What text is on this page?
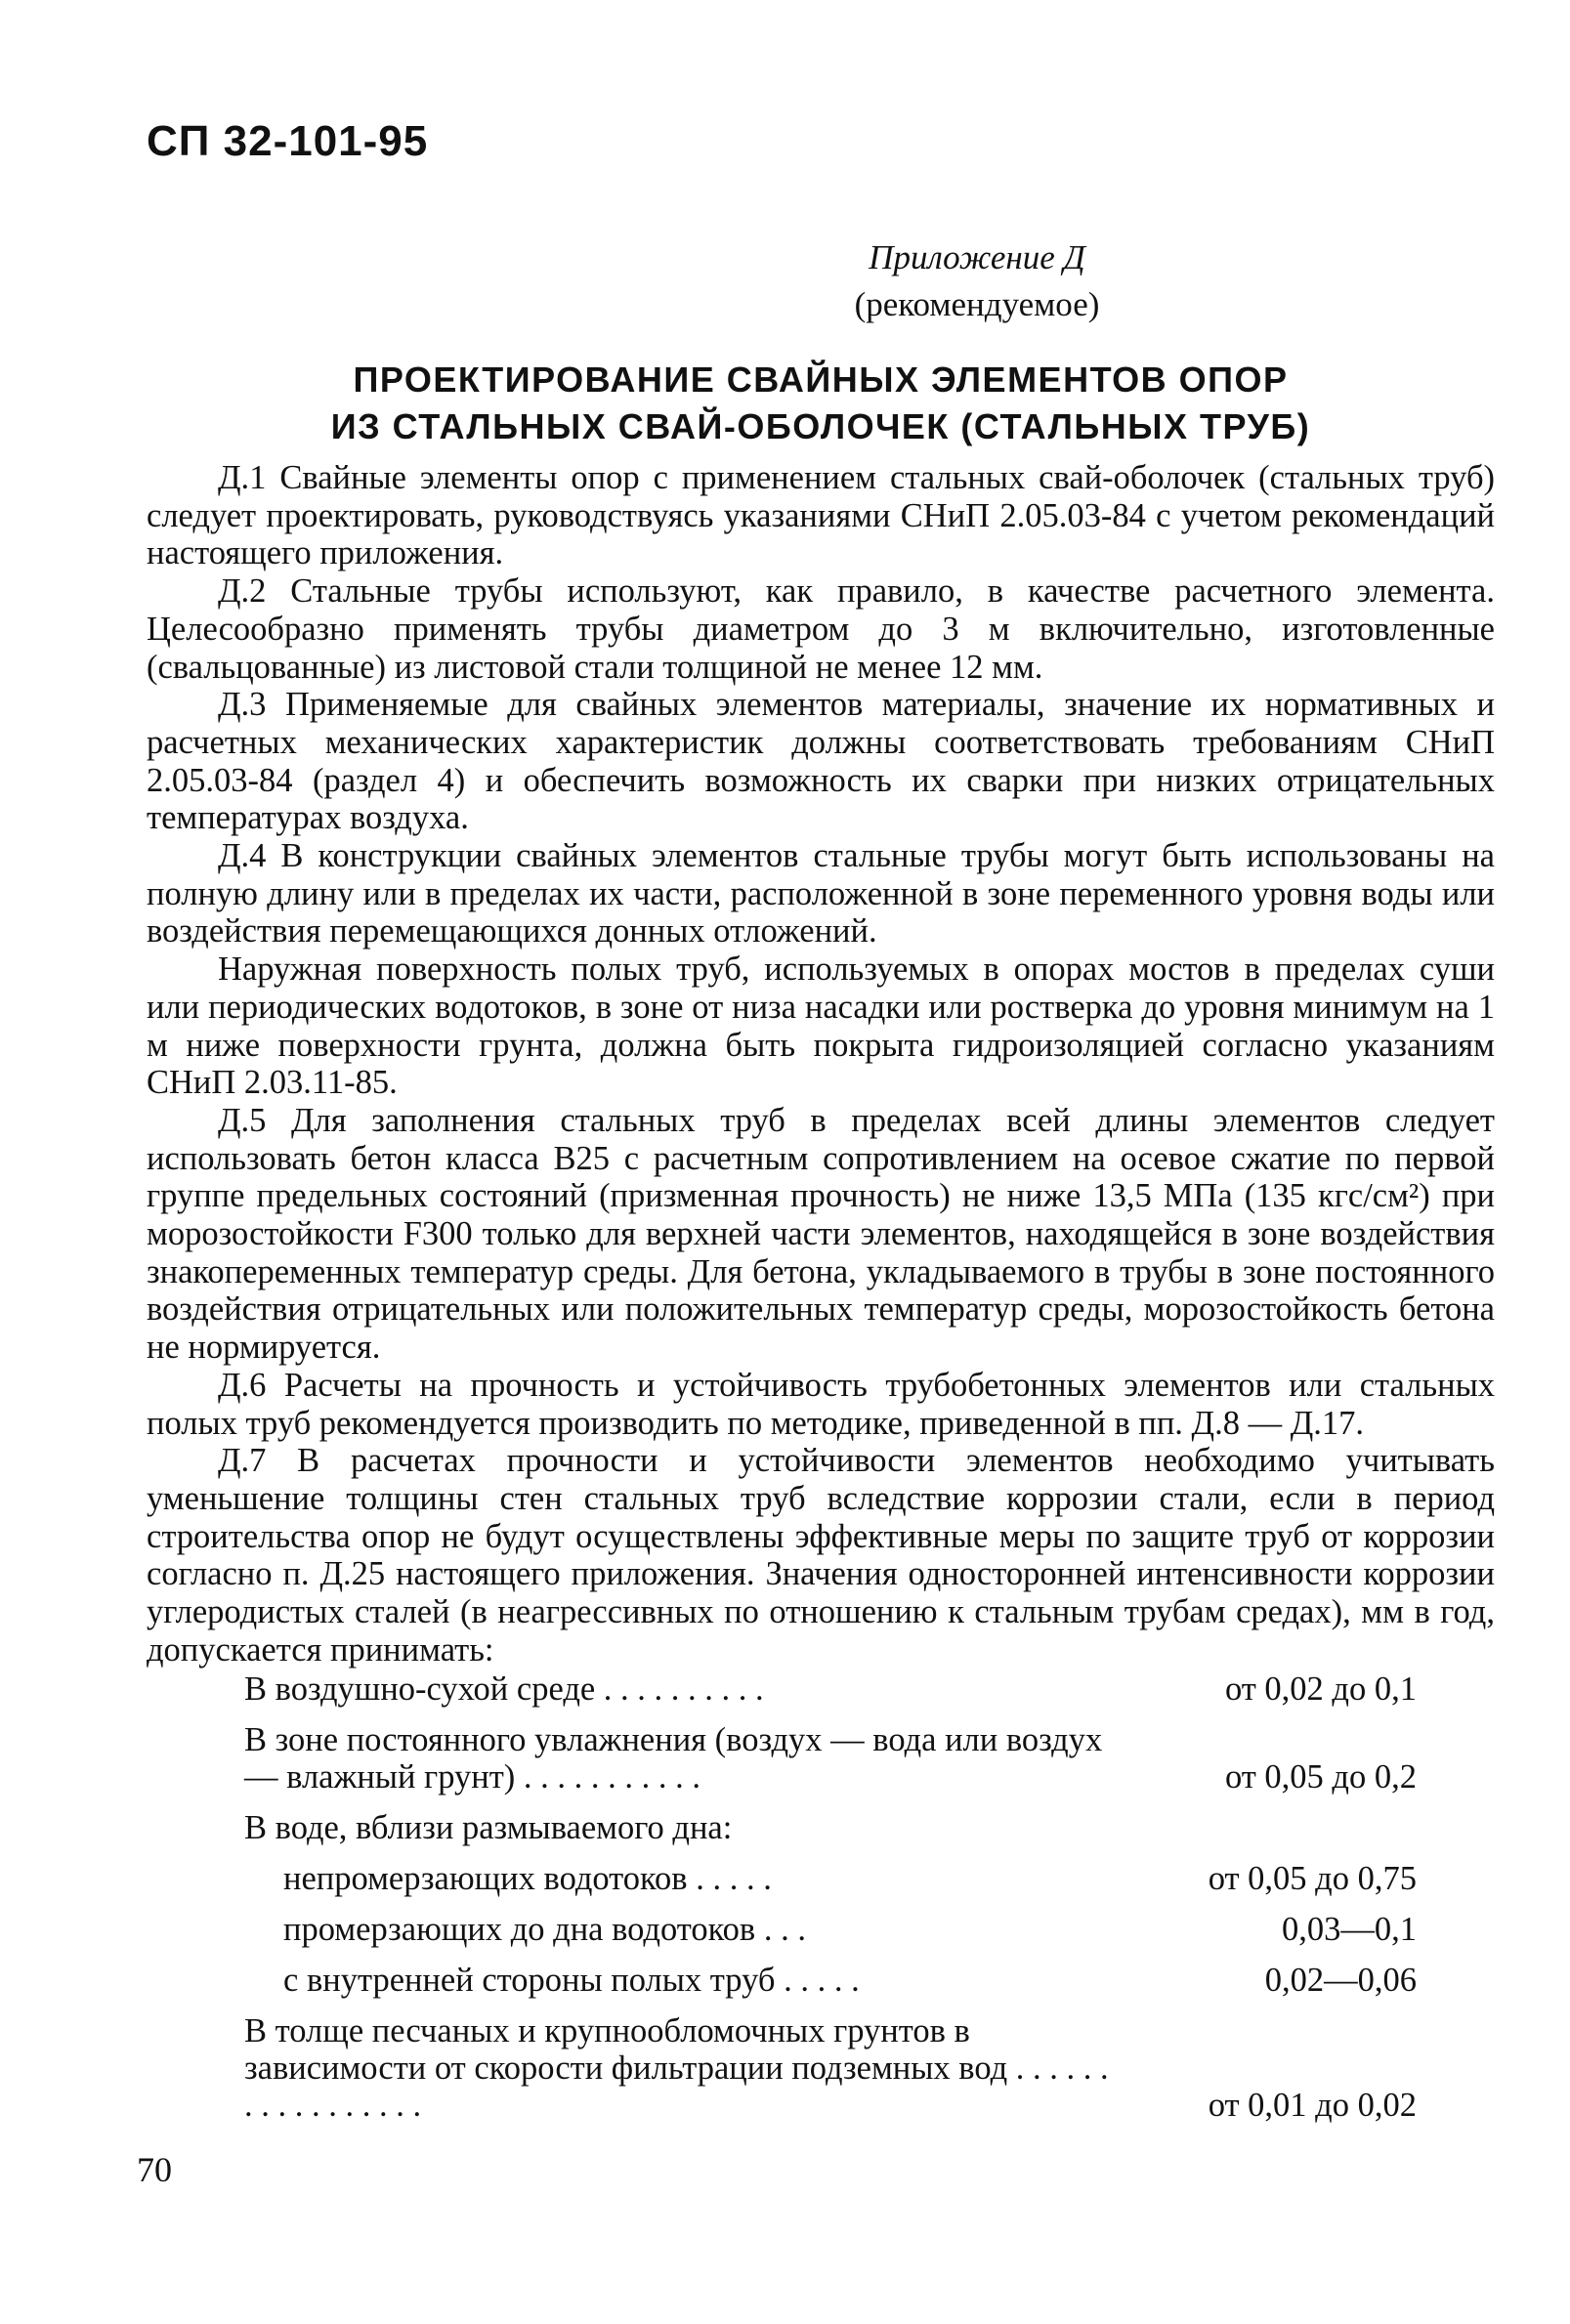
СП 32-101-95
Приложение Д
(рекомендуемое)
ПРОЕКТИРОВАНИЕ СВАЙНЫХ ЭЛЕМЕНТОВ ОПОР
ИЗ СТАЛЬНЫХ СВАЙ-ОБОЛОЧЕК (СТАЛЬНЫХ ТРУБ)

Д.1 Свайные элементы опор с применением стальных свай-оболочек (стальных труб) следует проектировать, руководствуясь указаниями СНиП 2.05.03-84 с учетом рекомендаций настоящего приложения.

Д.2 Стальные трубы используют, как правило, в качестве расчетного элемента. Целесообразно применять трубы диаметром до 3 м включительно, изготовленные (свальцованные) из листовой стали толщиной не менее 12 мм.

Д.3 Применяемые для свайных элементов материалы, значение их нормативных и расчетных механических характеристик должны соответствовать требованиям СНиП 2.05.03-84 (раздел 4) и обеспечить возможность их сварки при низких отрицательных температурах воздуха.

Д.4 В конструкции свайных элементов стальные трубы могут быть использованы на полную длину или в пределах их части, расположенной в зоне переменного уровня воды или воздействия перемещающихся донных отложений.

Наружная поверхность полых труб, используемых в опорах мостов в пределах суши или периодических водотоков, в зоне от низа насадки или ростверка до уровня минимум на 1 м ниже поверхности грунта, должна быть покрыта гидроизоляцией согласно указаниям СНиП 2.03.11-85.

Д.5 Для заполнения стальных труб в пределах всей длины элементов следует использовать бетон класса В25 с расчетным сопротивлением на осевое сжатие по первой группе предельных состояний (призменная прочность) не ниже 13,5 МПа (135 кгс/см²) при морозостойкости F300 только для верхней части элементов, находящейся в зоне воздействия знакопеременных температур среды. Для бетона, укладываемого в трубы в зоне постоянного воздействия отрицательных или положительных температур среды, морозостойкость бетона не нормируется.

Д.6 Расчеты на прочность и устойчивость трубобетонных элементов или стальных полых труб рекомендуется производить по методике, приведенной в пп. Д.8 — Д.17.

Д.7 В расчетах прочности и устойчивости элементов необходимо учитывать уменьшение толщины стен стальных труб вследствие коррозии стали, если в период строительства опор не будут осуществлены эффективные меры по защите труб от коррозии согласно п. Д.25 настоящего приложения. Значения односторонней интенсивности коррозии углеродистых сталей (в неагрессивных по отношению к стальным трубам средах), мм в год, допускается принимать:

В воздушно-сухой среде . . . . . . . . . .	от 0,02 до 0,1
В зоне постоянного увлажнения (воздух — вода или воздух — влажный грунт) . . . . . . . . . . .	от 0,05 до 0,2
В воде, вблизи размываемого дна:
непромерзающих водотоков . . . . .	от 0,05 до 0,75
промерзающих до дна водотоков . . .	0,03—0,1
с внутренней стороны полых труб . . . . .	0,02—0,06
В толще песчаных и крупнообломочных грунтов в зависимости от скорости фильтрации подземных вод . . . . . . . . . . . . . . . . .	от 0,01 до 0,02
70
